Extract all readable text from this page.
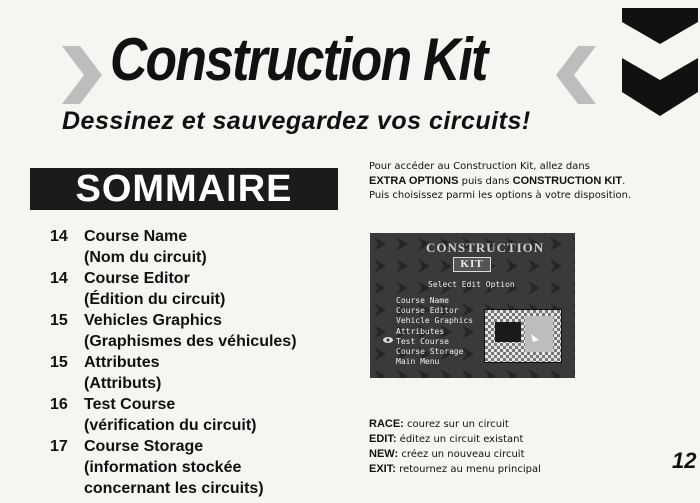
Construction Kit
Dessinez et sauvegardez vos circuits!
SOMMAIRE
14	Course Name
(Nom du circuit)
14	Course Editor
(Édition du circuit)
15	Vehicles Graphics
(Graphismes des véhicules)
15	Attributes
(Attributs)
16	Test Course
(vérification du circuit)
17	Course Storage
(information stockée
concernant les circuits)
Pour accéder au Construction Kit, allez dans
EXTRA OPTIONS puis dans CONSTRUCTION KIT.
Puis choisissez parmi les options à votre disposition.
CONSTRUCTION
KIT
Select Edit Option
Course Name
Course Editor
Vehicle Graphics
Attributes
Test Course
Course Storage
Main Menu
RACE: courez sur un circuit
EDIT: éditez un circuit existant
NEW: créez un nouveau circuit
EXIT: retournez au menu principal	12
